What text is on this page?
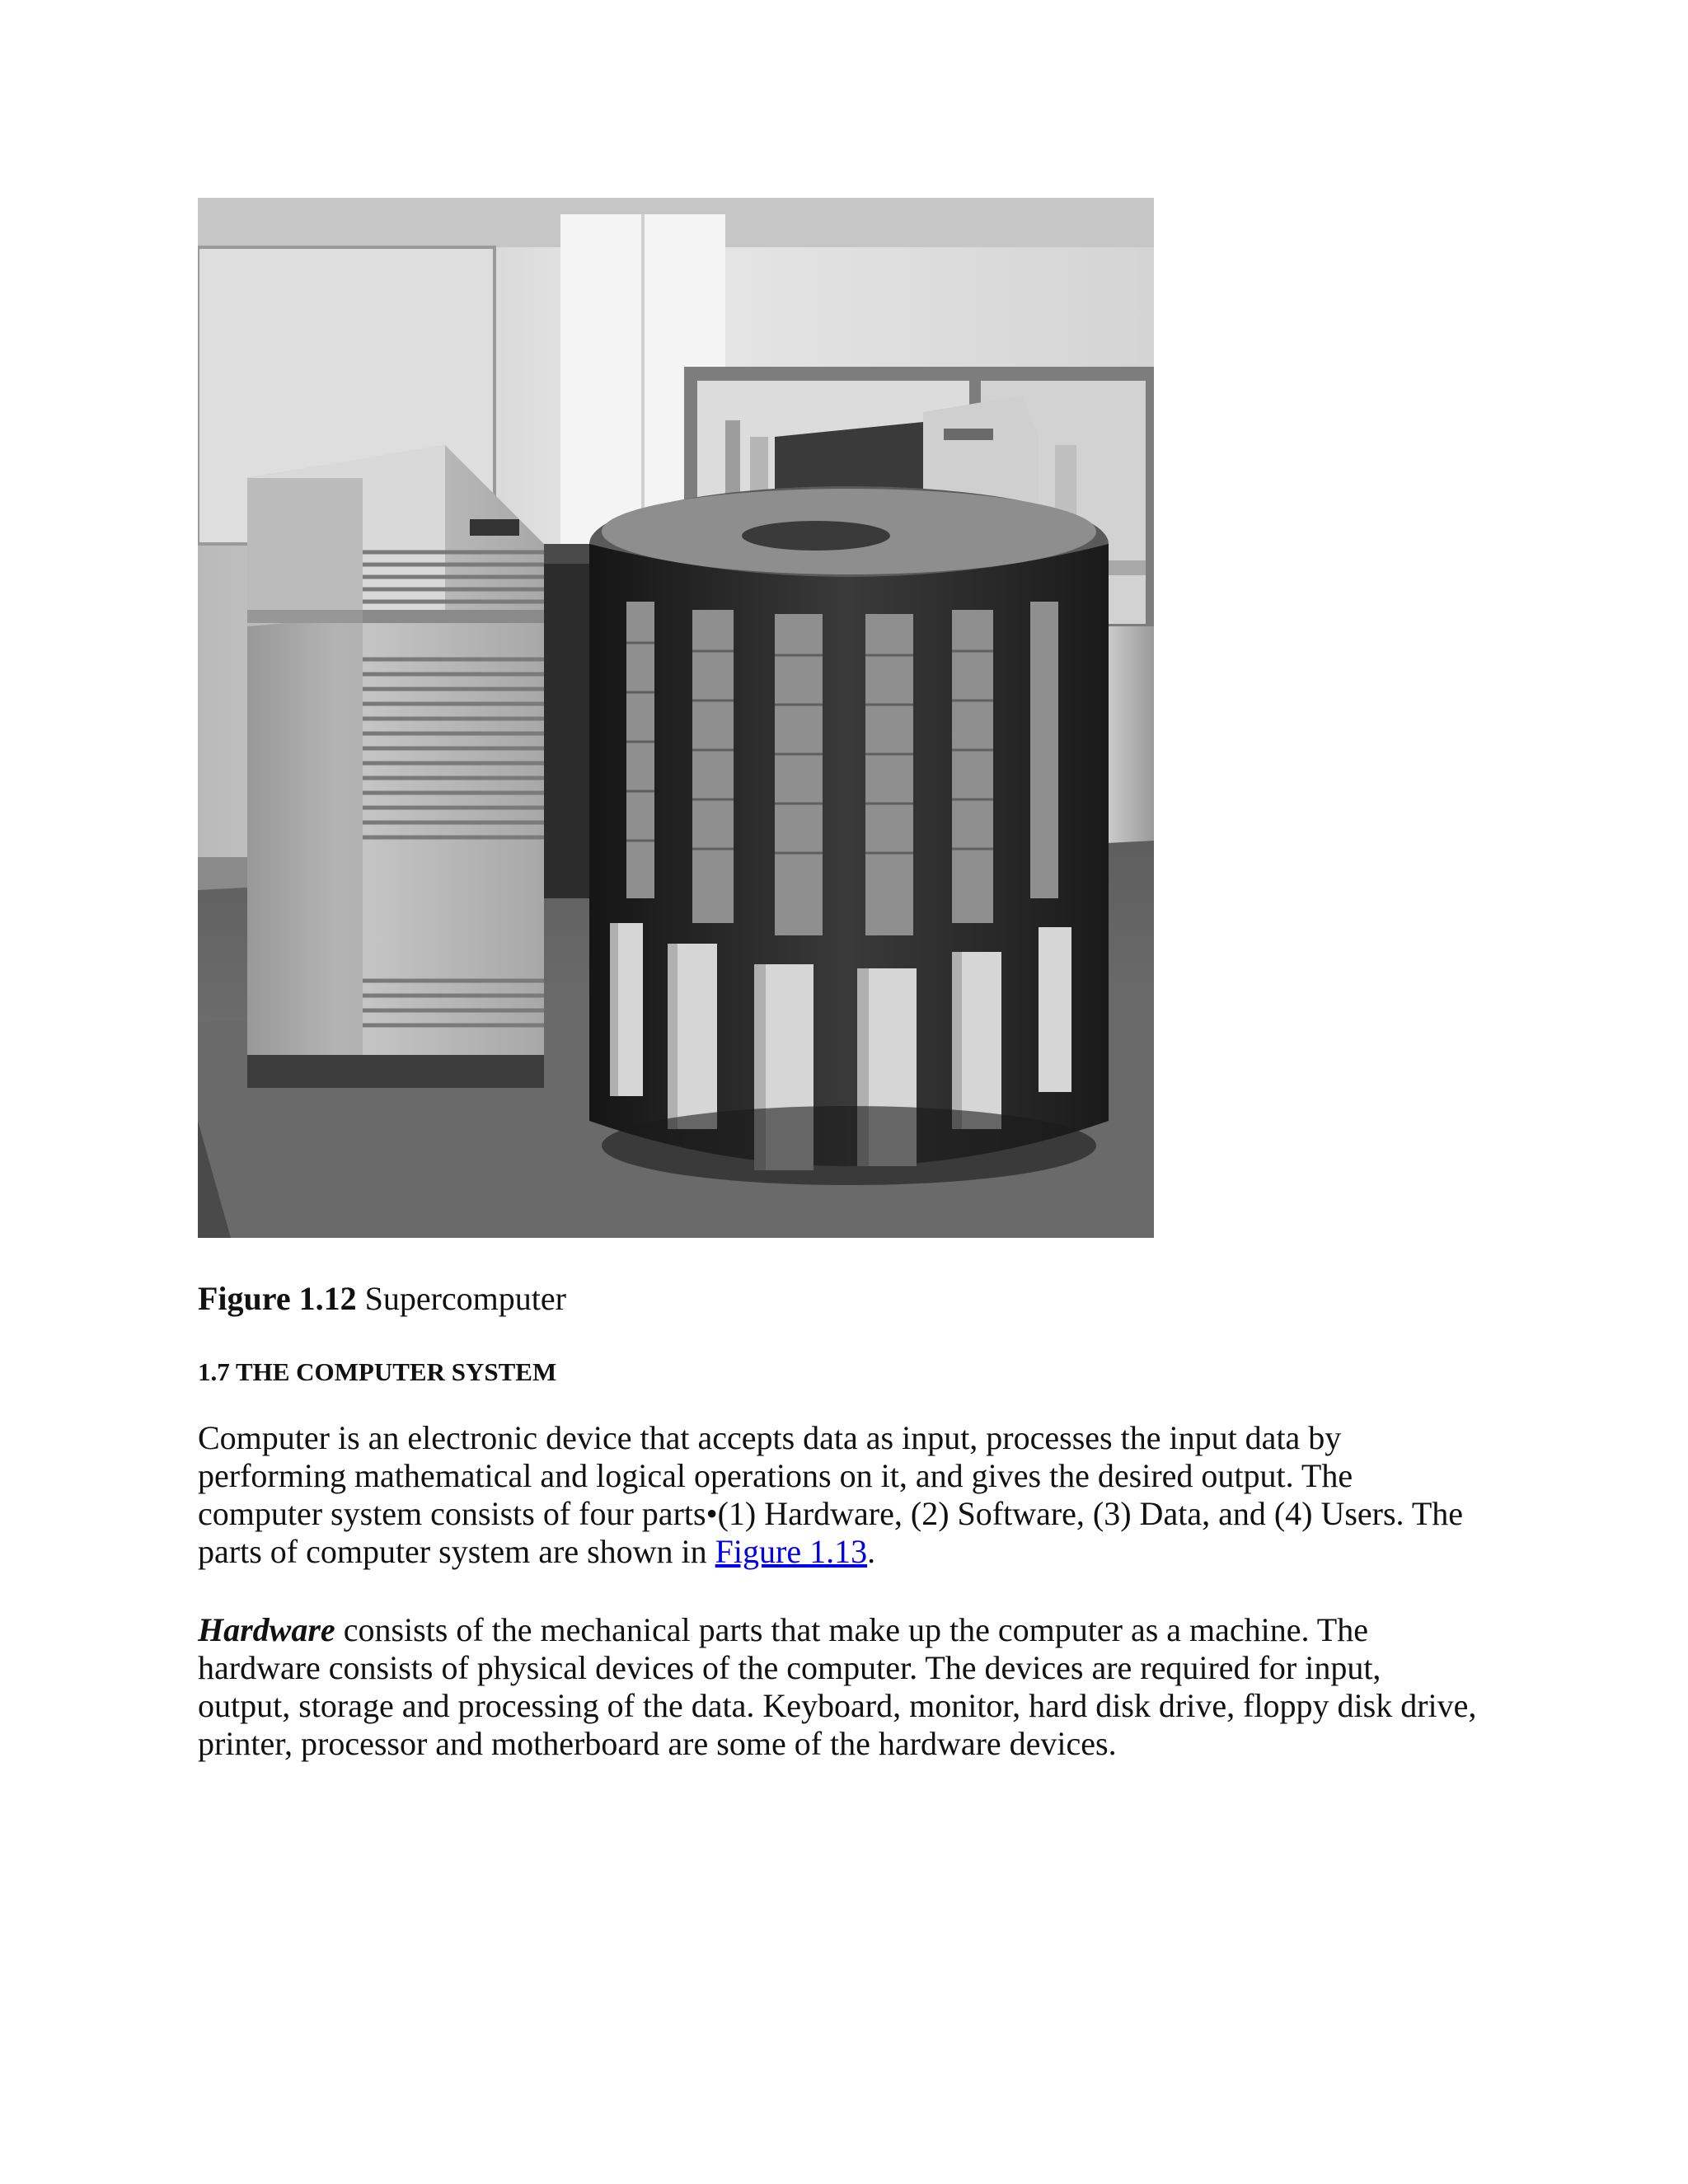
Figure 1.12 Supercomputer
1.7 THE COMPUTER SYSTEM
Computer is an electronic device that accepts data as input, processes the input data by
performing mathematical and logical operations on it, and gives the desired output. The
computer system consists of four parts•(1) Hardware, (2) Software, (3) Data, and (4) Users. The
parts of computer system are shown in Figure 1.13.
Hardware consists of the mechanical parts that make up the computer as a machine. The
hardware consists of physical devices of the computer. The devices are required for input,
output, storage and processing of the data. Keyboard, monitor, hard disk drive, floppy disk drive,
printer, processor and motherboard are some of the hardware devices.
